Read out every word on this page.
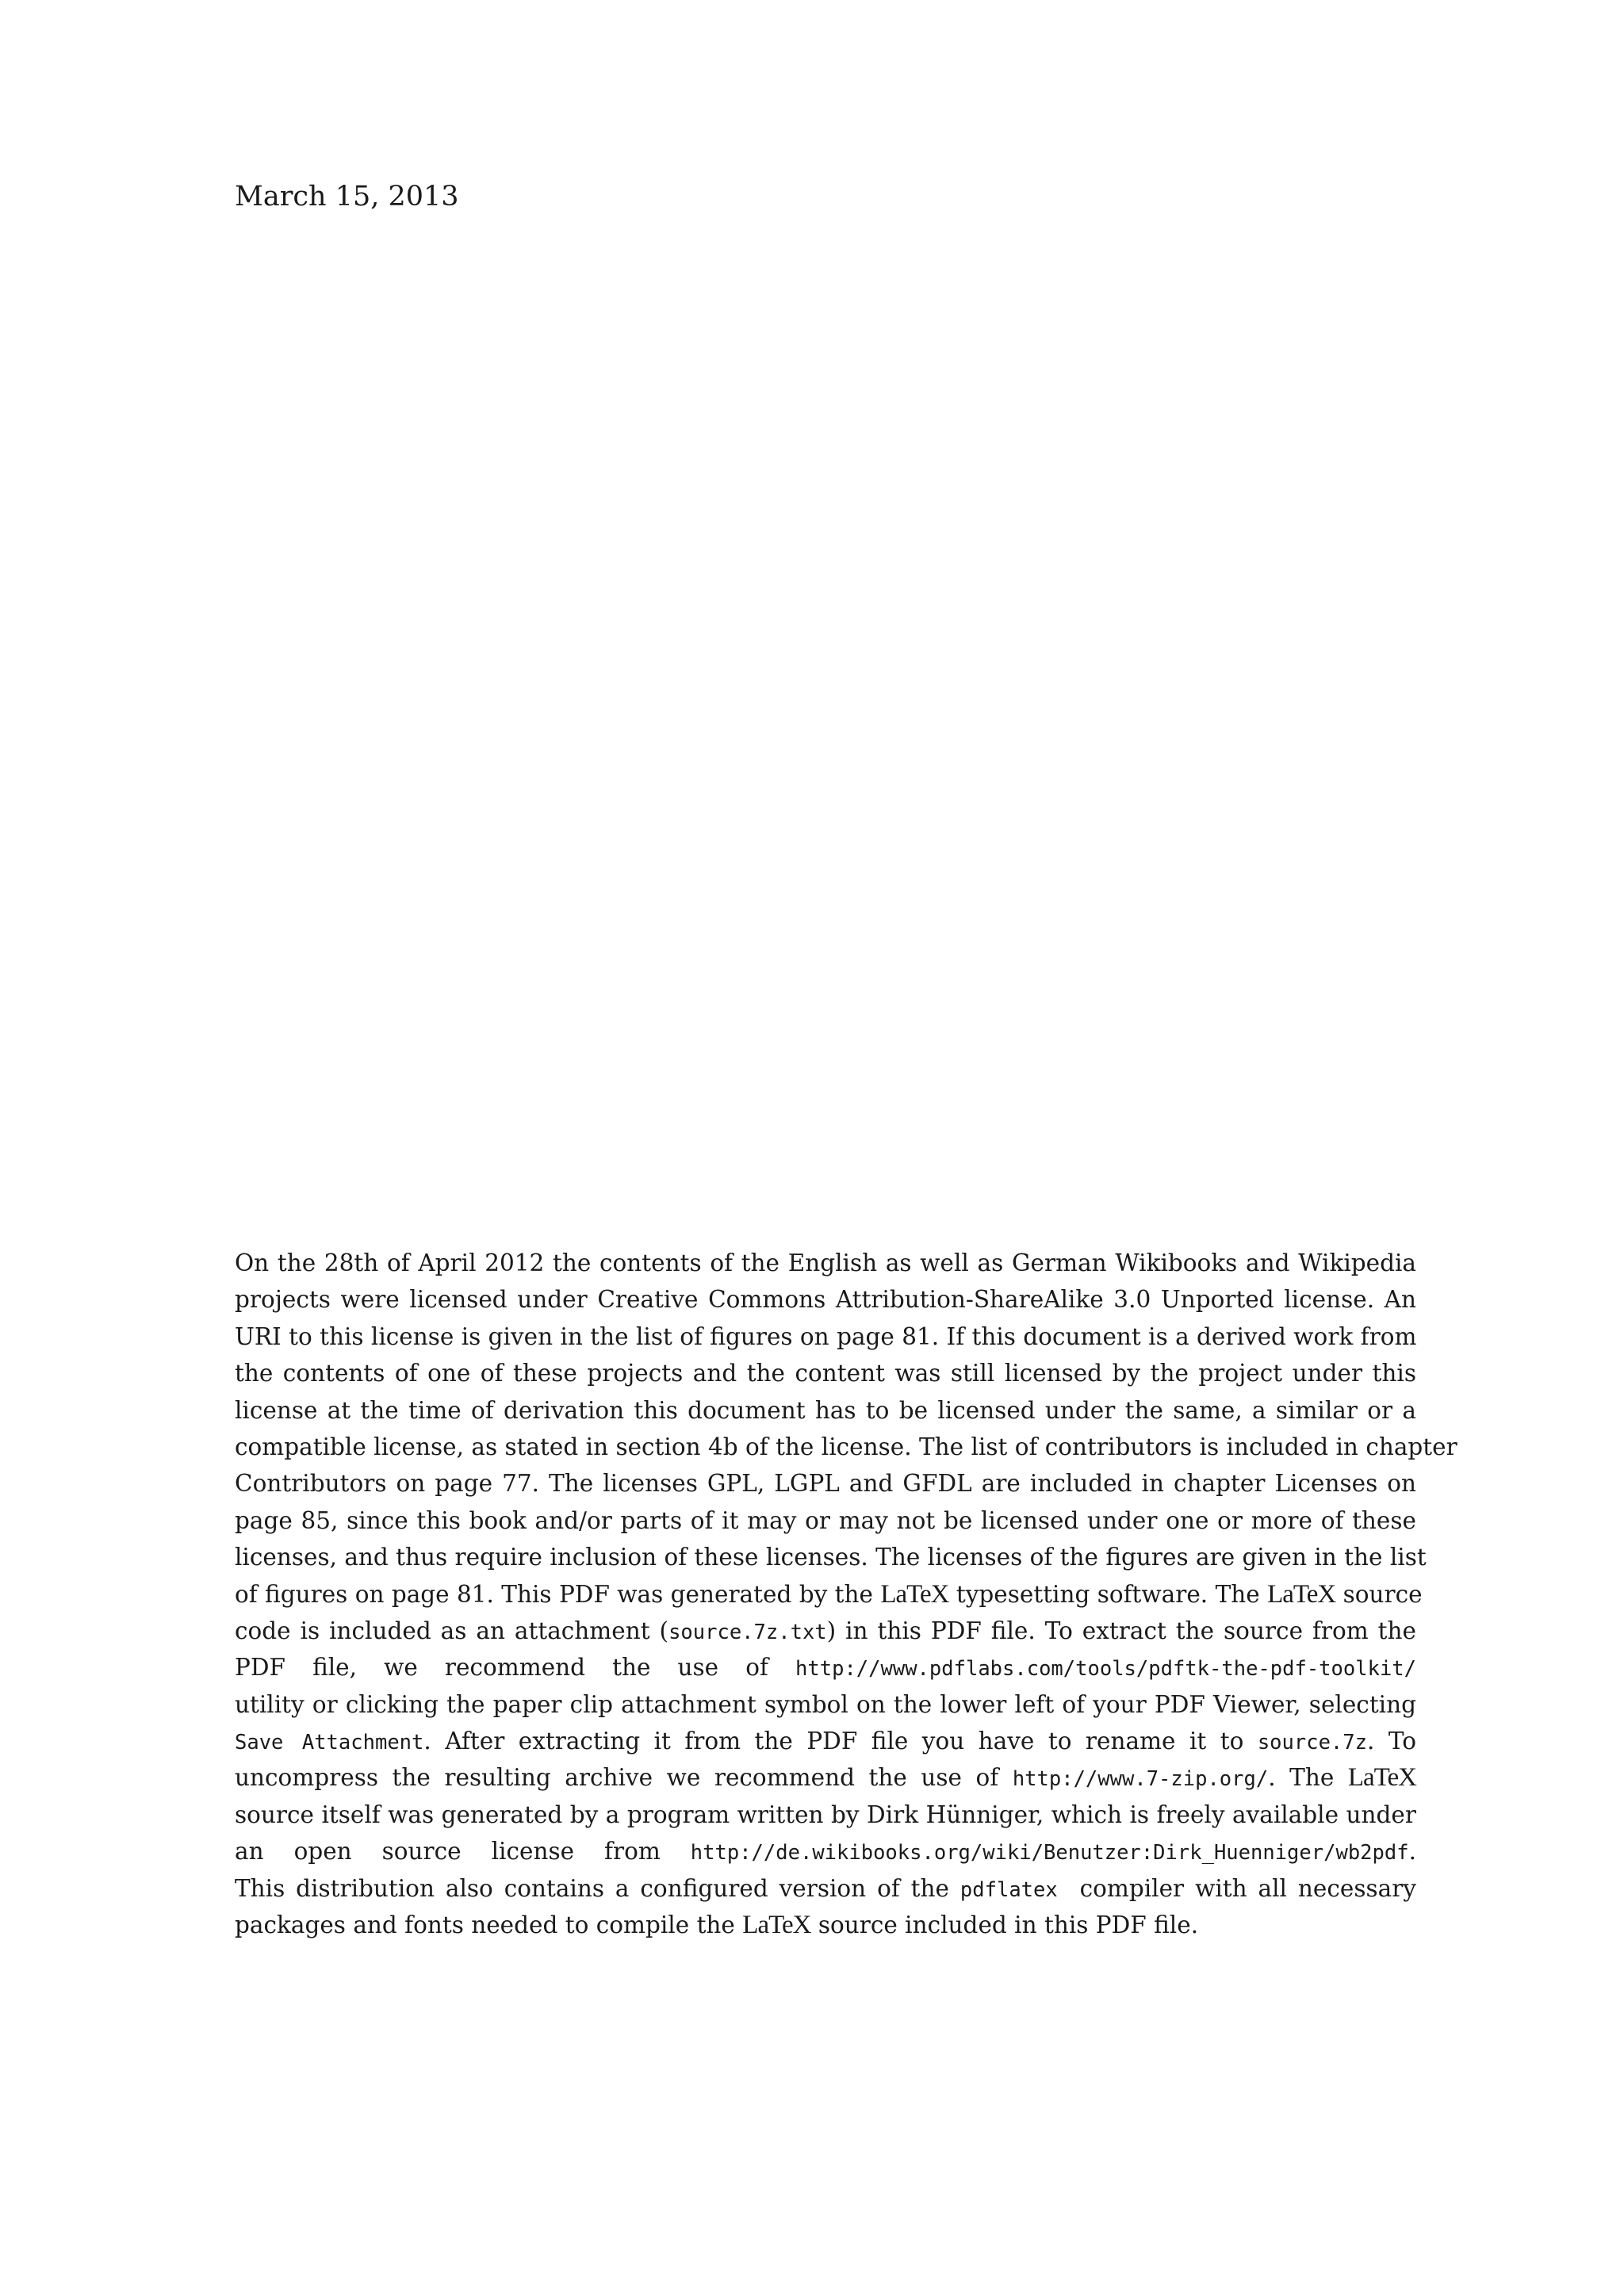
March 15, 2013
On the 28th of April 2012 the contents of the English as well as German Wikibooks and Wikipedia
projects were licensed under Creative Commons Attribution-ShareAlike 3.0 Unported license. An
URI to this license is given in the list of figures on page 81. If this document is a derived work from
the contents of one of these projects and the content was still licensed by the project under this
license at the time of derivation this document has to be licensed under the same, a similar or a
compatible license, as stated in section 4b of the license. The list of contributors is included in chapter
Contributors on page 77. The licenses GPL, LGPL and GFDL are included in chapter Licenses on
page 85, since this book and/or parts of it may or may not be licensed under one or more of these
licenses, and thus require inclusion of these licenses. The licenses of the figures are given in the list
of figures on page 81. This PDF was generated by the LaTeX typesetting software. The LaTeX source
code is included as an attachment (source.7z.txt) in this PDF file. To extract the source from the
PDF file, we recommend the use of http://www.pdflabs.com/tools/pdftk-the-pdf-toolkit/
utility or clicking the paper clip attachment symbol on the lower left of your PDF Viewer, selecting
Save Attachment. After extracting it from the PDF file you have to rename it to source.7z. To
uncompress the resulting archive we recommend the use of http://www.7-zip.org/. The LaTeX
source itself was generated by a program written by Dirk Hünniger, which is freely available under
an open source license from http://de.wikibooks.org/wiki/Benutzer:Dirk_Huenniger/wb2pdf.
This distribution also contains a configured version of the pdflatex compiler with all necessary
packages and fonts needed to compile the LaTeX source included in this PDF file.
